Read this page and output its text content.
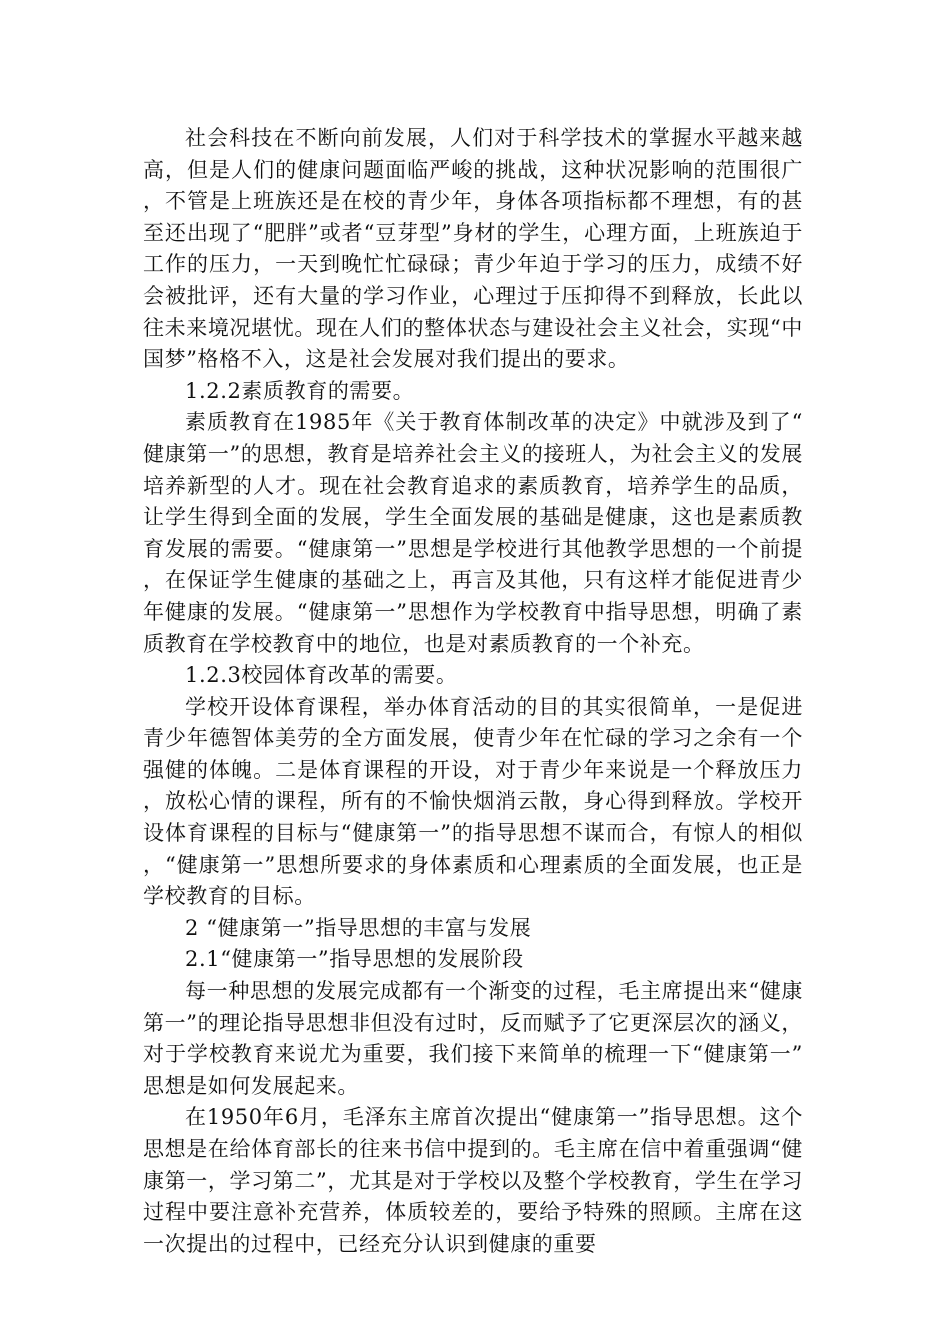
社会科技在不断向前发展，人们对于科学技术的掌握水平越来越高，但是人们的健康问题面临严峻的挑战，这种状况影响的范围很广，不管是上班族还是在校的青少年，身体各项指标都不理想，有的甚至还出现了“肥胖”或者“豆芽型”身材的学生，心理方面，上班族迫于工作的压力，一天到晚忙忙碌碌；青少年迫于学习的压力，成绩不好会被批评，还有大量的学习作业，心理过于压抑得不到释放，长此以往未来境况堪忧。现在人们的整体状态与建设社会主义社会，实现“中国梦”格格不入，这是社会发展对我们提出的要求。

1.2.2素质教育的需要。

素质教育在1985年《关于教育体制改革的决定》中就涉及到了“健康第一”的思想，教育是培养社会主义的接班人，为社会主义的发展培养新型的人才。现在社会教育追求的素质教育，培养学生的品质，让学生得到全面的发展，学生全面发展的基础是健康，这也是素质教育发展的需要。“健康第一”思想是学校进行其他教学思想的一个前提，在保证学生健康的基础之上，再言及其他，只有这样才能促进青少年健康的发展。“健康第一”思想作为学校教育中指导思想，明确了素质教育在学校教育中的地位，也是对素质教育的一个补充。

1.2.3校园体育改革的需要。

学校开设体育课程，举办体育活动的目的其实很简单，一是促进青少年德智体美劳的全方面发展，使青少年在忙碌的学习之余有一个强健的体魄。二是体育课程的开设，对于青少年来说是一个释放压力，放松心情的课程，所有的不愉快烟消云散，身心得到释放。学校开设体育课程的目标与“健康第一”的指导思想不谋而合，有惊人的相似，“健康第一”思想所要求的身体素质和心理素质的全面发展，也正是学校教育的目标。

2 “健康第一”指导思想的丰富与发展

2.1“健康第一”指导思想的发展阶段

每一种思想的发展完成都有一个渐变的过程，毛主席提出来“健康第一”的理论指导思想非但没有过时，反而赋予了它更深层次的涵义，对于学校教育来说尤为重要，我们接下来简单的梳理一下“健康第一”思想是如何发展起来。

在1950年6月，毛泽东主席首次提出“健康第一”指导思想。这个思想是在给体育部长的往来书信中提到的。毛主席在信中着重强调“健康第一，学习第二”，尤其是对于学校以及整个学校教育，学生在学习过程中要注意补充营养，体质较差的，要给予特殊的照顾。主席在这一次提出的过程中，已经充分认识到健康的重要
